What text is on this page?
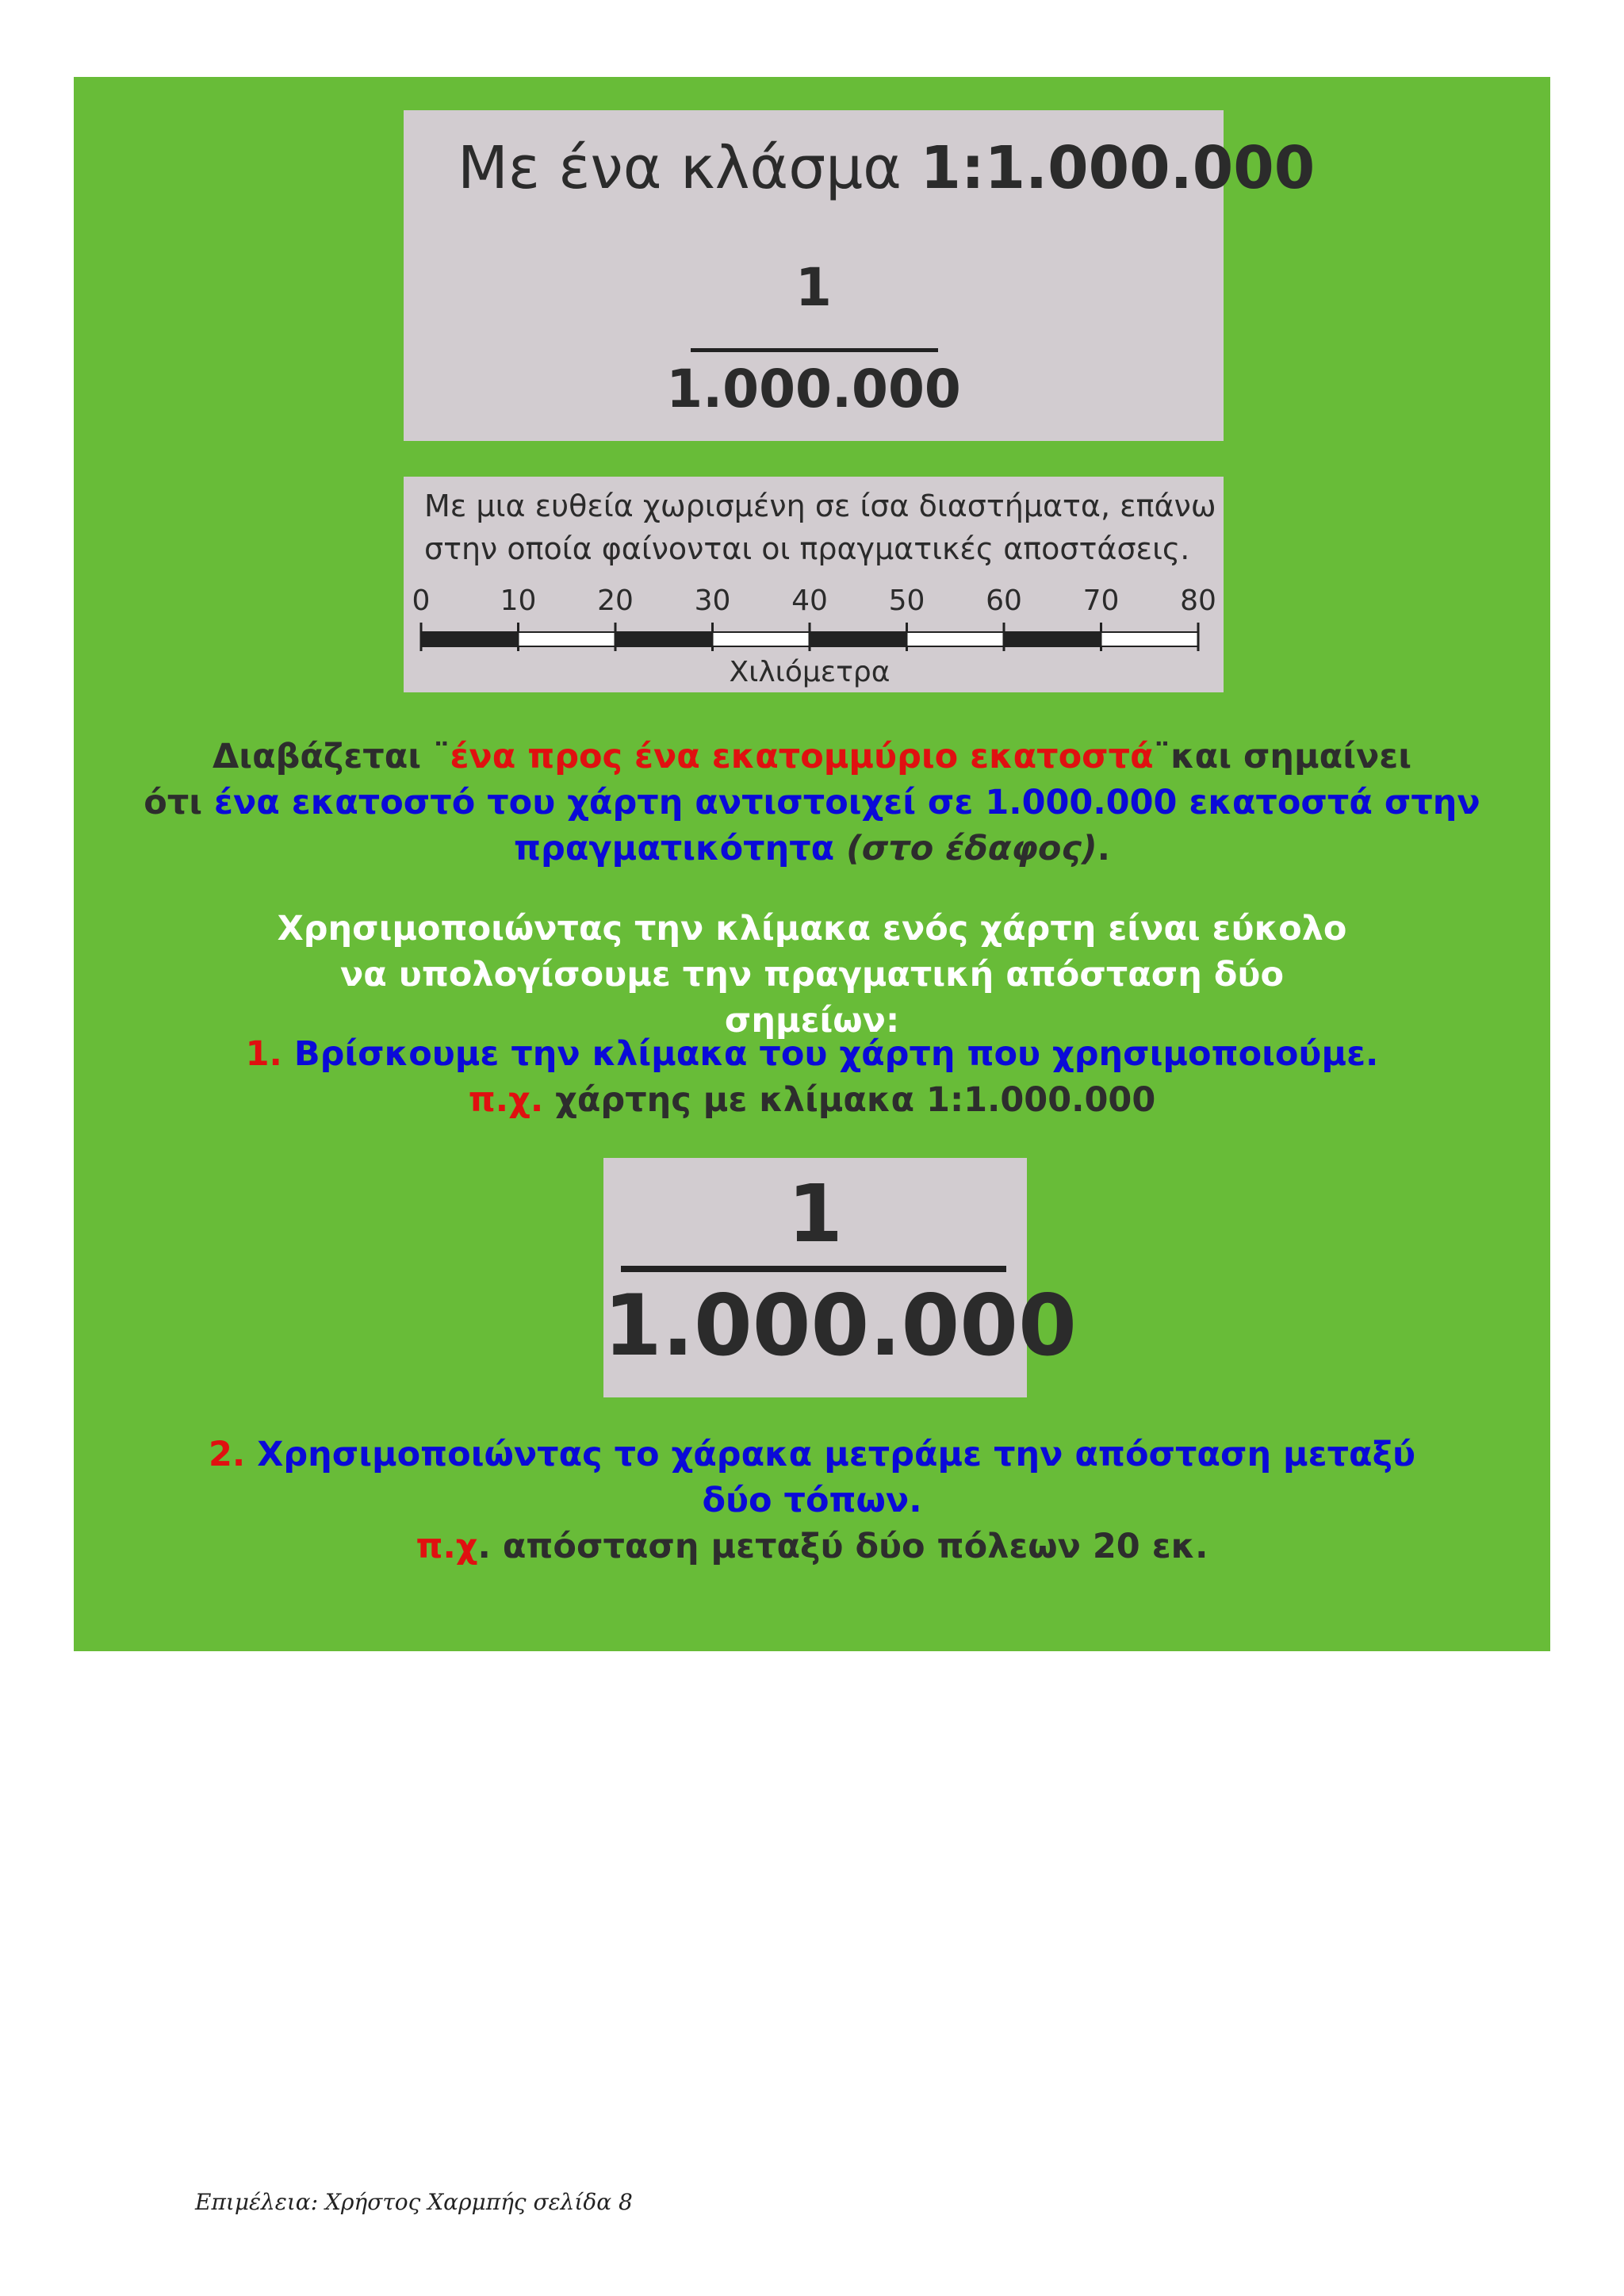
Με ένα κλάσμα 1:1.000.000
1
1.000.000
Με μια ευθεία χωρισμένη σε ίσα διαστήματα, επάνω
στην οποία φαίνονται οι πραγματικές αποστάσεις.
0 10 20 30 40 50 60 70 80
Χιλιόμετρα
Διαβάζεται ¨ένα προς ένα εκατομμύριο εκατοστά¨και σημαίνει
ότι ένα εκατοστό του χάρτη αντιστοιχεί σε 1.000.000 εκατοστά στην πραγματικότητα (στο έδαφος).
Χρησιμοποιώντας την κλίμακα ενός χάρτη είναι εύκολο να υπολογίσουμε την πραγματική απόσταση δύο σημείων:
1. Βρίσκουμε την κλίμακα του χάρτη που χρησιμοποιούμε.
π.χ. χάρτης με κλίμακα 1:1.000.000
1
1.000.000
2. Χρησιμοποιώντας το χάρακα μετράμε την απόσταση μεταξύ δύο τόπων.
π.χ. απόσταση μεταξύ δύο πόλεων 20 εκ.
Επιμέλεια: Χρήστος Χαρμπής σελίδα 8
